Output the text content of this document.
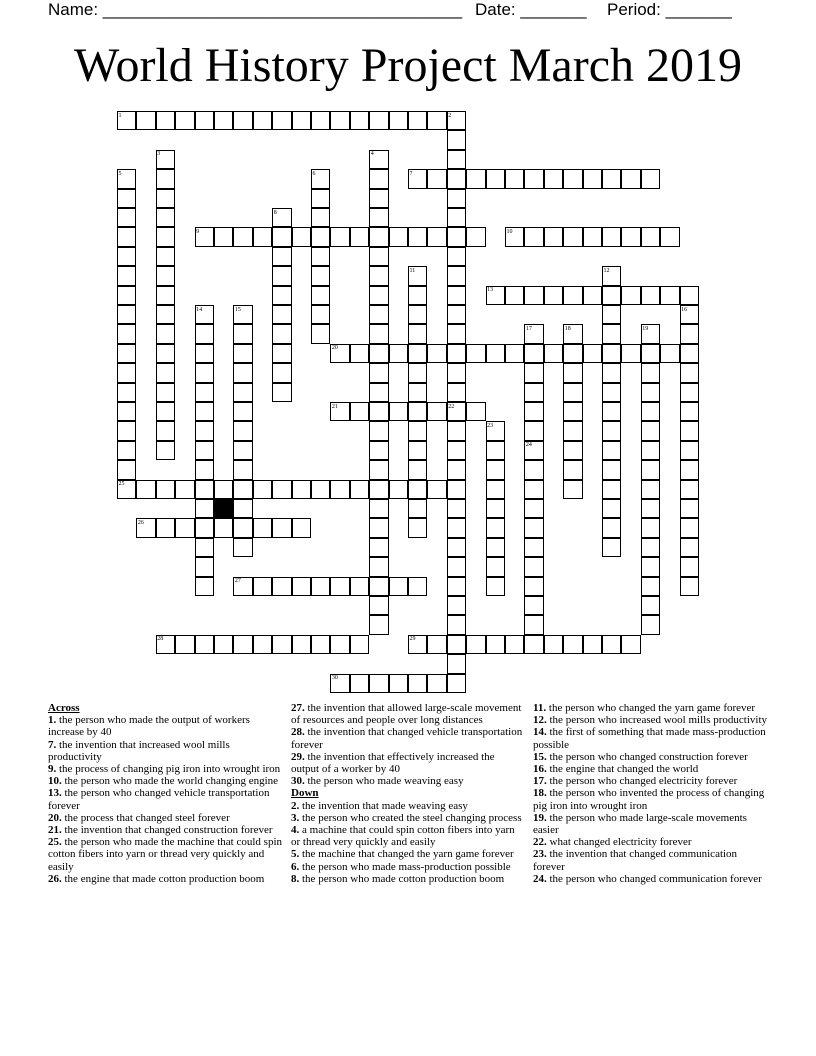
Name: ______________________________________

Date: _______

Period: _______

World History Project March 2019
1	2
3	4
5	6	7
8
9	10
11	12
13
14	15	16
17	18	19
20
21	22
23
24
25
26
27
28	29
30
Across
1. the person who made the output of workers increase by 40
7. the invention that increased wool mills productivity
9. the process of changing pig iron into wrought iron
10. the person who made the world changing engine
13. the person who changed vehicle transportation forever
20. the process that changed steel forever
21. the invention that changed construction forever
25. the person who made the machine that could spin cotton fibers into yarn or thread very quickly and easily
26. the engine that made cotton production boom
27. the invention that allowed large-scale movement of resources and people over long distances
28. the invention that changed vehicle transportation forever
29. the invention that effectively increased the output of a worker by 40
30. the person who made weaving easy
Down
2. the invention that made weaving easy
3. the person who created the steel changing process
4. a machine that could spin cotton fibers into yarn or thread very quickly and easily
5. the machine that changed the yarn game forever
6. the person who made mass-production possible
8. the person who made cotton production boom
11. the person who changed the yarn game forever
12. the person who increased wool mills productivity
14. the first of something that made mass-production possible
15. the person who changed construction forever
16. the engine that changed the world
17. the person who changed electricity forever
18. the person who invented the process of changing pig iron into wrought iron
19. the person who made large-scale movements easier
22. what changed electricity forever
23. the invention that changed communication forever
24. the person who changed communication forever
